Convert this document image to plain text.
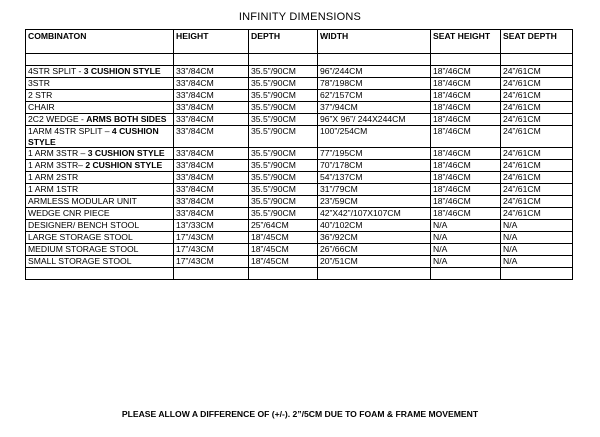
INFINITY DIMENSIONS
COMBINATON	HEIGHT	DEPTH	WIDTH	SEAT HEIGHT	SEAT DEPTH

4STR SPLIT - 3 CUSHION STYLE	33”/84CM	35.5”/90CM	96”/244CM	18”/46CM	24”/61CM
3STR	33”/84CM	35.5”/90CM	78”/198CM	18”/46CM	24”/61CM
2 STR	33”/84CM	35.5”/90CM	62”/157CM	18”/46CM	24”/61CM
CHAIR	33”/84CM	35.5”/90CM	37”/94CM	18”/46CM	24”/61CM
2C2 WEDGE - ARMS BOTH SIDES	33”/84CM	35.5”/90CM	96”X 96”/ 244X244CM	18”/46CM	24”/61CM
1ARM 4STR SPLIT – 4 CUSHION STYLE	33”/84CM	35.5”/90CM	100”/254CM	18”/46CM	24”/61CM
1 ARM 3STR – 3 CUSHION STYLE	33”/84CM	35.5”/90CM	77”/195CM	18”/46CM	24”/61CM
1 ARM 3STR– 2 CUSHION STYLE	33”/84CM	35.5”/90CM	70”/178CM	18”/46CM	24”/61CM
1 ARM 2STR	33”/84CM	35.5”/90CM	54”/137CM	18”/46CM	24”/61CM
1 ARM 1STR	33”/84CM	35.5”/90CM	31”/79CM	18”/46CM	24”/61CM
ARMLESS MODULAR UNIT	33”/84CM	35.5”/90CM	23”/59CM	18”/46CM	24”/61CM
WEDGE CNR PIECE	33”/84CM	35.5”/90CM	42”X42”/107X107CM	18”/46CM	24”/61CM
DESIGNER/ BENCH STOOL	13”/33CM	25”/64CM	40”/102CM	N/A	N/A
LARGE STORAGE STOOL	17”/43CM	18”/45CM	36”/92CM	N/A	N/A
MEDIUM STORAGE STOOL	17”/43CM	18”/45CM	26”/66CM	N/A	N/A
SMALL STORAGE STOOL	17”/43CM	18”/45CM	20”/51CM	N/A	N/A

PLEASE ALLOW A DIFFERENCE OF (+/-). 2”/5CM DUE TO FOAM & FRAME MOVEMENT
